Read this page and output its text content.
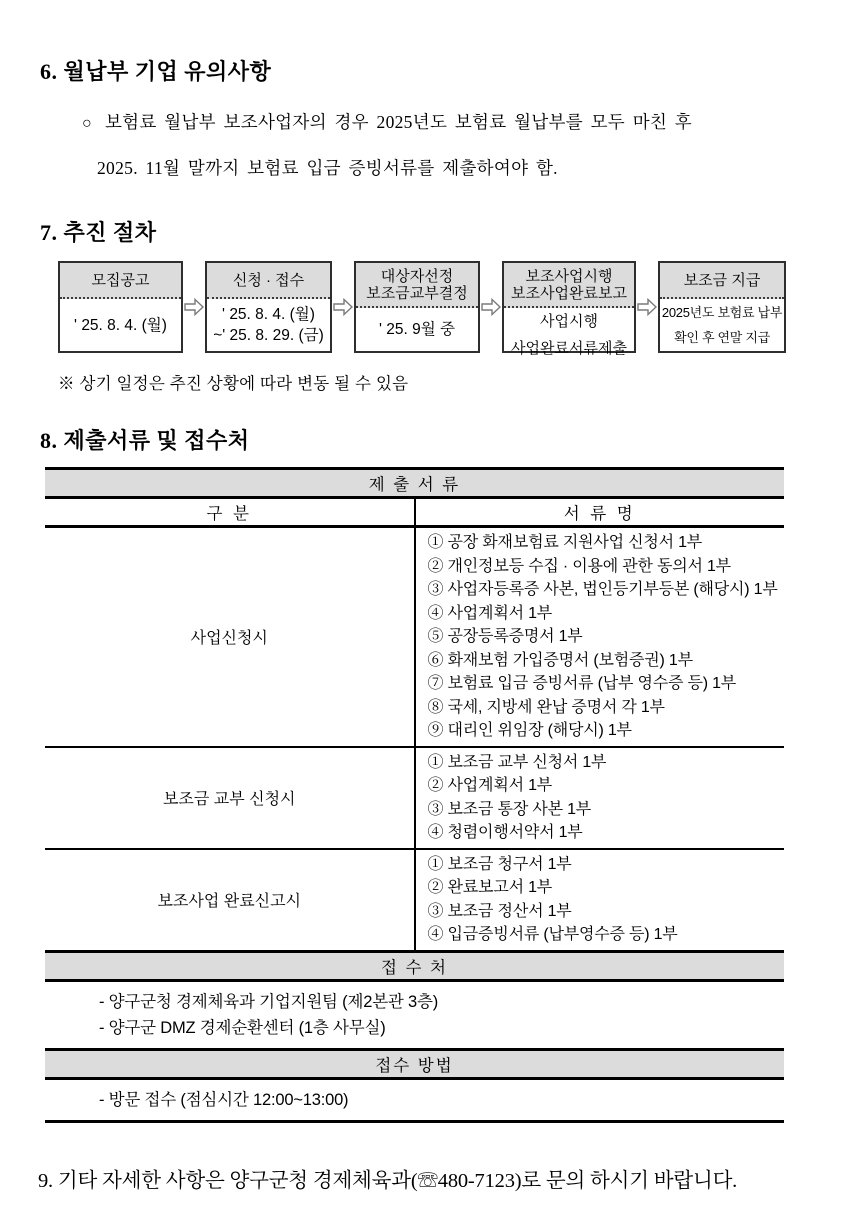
6. 월납부 기업 유의사항
○ 보험료 월납부 보조사업자의 경우 2025년도 보험료 월납부를 모두 마친 후
2025. 11월 말까지 보험료 입금 증빙서류를 제출하여야 함.
7. 추진 절차
모집공고
' 25. 8. 4. (월)
신청 · 접수
' 25. 8. 4. (월)
~' 25. 8. 29. (금)
대상자선정
보조금교부결정
' 25. 9월 중
보조사업시행
보조사업완료보고
사업시행
사업완료서류제출
보조금 지급
2025년도 보험료 납부
확인 후 연말 지급
※ 상기 일정은 추진 상황에 따라 변동 될 수 있음
8. 제출서류 및 접수처
제 출 서 류	
구 분	서 류 명
사업신청시	
① 공장 화재보험료 지원사업 신청서 1부
② 개인정보등 수집 · 이용에 관한 동의서 1부
③ 사업자등록증 사본, 법인등기부등본 (해당시) 1부
④ 사업계획서 1부
⑤ 공장등록증명서 1부
⑥ 화재보험 가입증명서 (보험증권) 1부
⑦ 보험료 입금 증빙서류 (납부 영수증 등) 1부
⑧ 국세, 지방세 완납 증명서 각 1부
⑨ 대리인 위임장 (해당시) 1부

보조금 교부 신청시	① 보조금 교부 신청서 1부
② 사업계획서 1부
③ 보조금 통장 사본 1부
④ 청렴이행서약서 1부

보조사업 완료신고시	① 보조금 청구서 1부
② 완료보고서 1부
③ 보조금 정산서 1부
④ 입금증빙서류 (납부영수증 등) 1부

접 수 처	

- 양구군청 경제체육과 기업지원팀 (제2본관 3층)
- 양구군 DMZ 경제순환센터 (1층 사무실)	

접수 방법	

- 방문 접수 (점심시간 12:00~13:00)	
9. 기타 자세한 사항은 양구군청 경제체육과(☏480-7123)로 문의 하시기 바랍니다.
